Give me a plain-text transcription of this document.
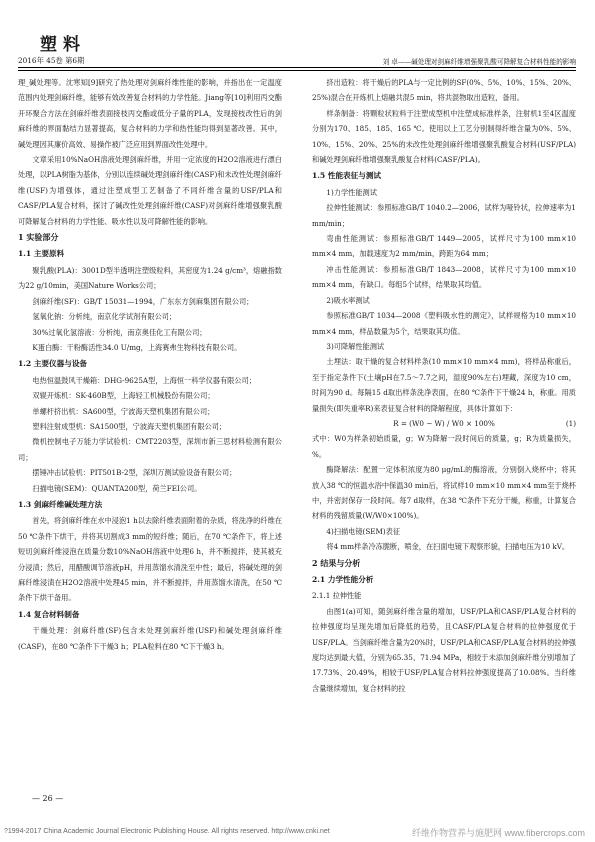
塑料
2016年 45卷 第6期	刘 卓——碱处理对剑麻纤维增强聚乳酸可降解复合材料性能的影响

理_碱处理等。沈寒知[9]研究了热处理对剑麻纤维性能的影响，并指出在一定温度范围内处理剑麻纤维，能够有效改善复合材料的力学性能。Jiang等[10]利用丙交酯开环聚合方法在剑麻纤维表面接枝丙交酯或低分子量的PLA，发现接枝改性后的剑麻纤维的界面黏结力显著提高，复合材料的力学和热性能均得到显著改善。其中，碱处理因其廉价高效、易操作被广泛应用到界面改性处理中。

文章采用10%NaOH溶液处理剑麻纤维，并用一定浓度的H2O2溶液进行漂白处理，以PLA树脂为基体，分别以连续碱处理剑麻纤维(CASF)和未改性处理剑麻纤维(USF)为增强体，通过注塑成型工艺制备了不同纤维含量的USF/PLA和CASF/PLA复合材料，探讨了碱改性处理剑麻纤维(CASF)对剑麻纤维增强聚乳酸可降解复合材料的力学性能、吸水性以及可降解性能的影响。

1 实验部分

1.1 主要原料

聚乳酸(PLA)：3001D型半透明注塑级粒料，其密度为1.24 g/cm³，熔融指数为22 g/10min，美国Nature Works公司；

剑麻纤维(SF)：GB/T 15031—1994，广东东方剑麻集团有限公司；

氢氧化钠：分析纯，南京化学试剂有限公司；

30%过氧化氢溶液：分析纯，南京奥佳化工有限公司；

K蛋白酶：干粉酶活性34.0 U/mg，上海赛弗生物科技有限公司。

1.2 主要仪器与设备

电热恒温鼓风干燥箱：DHG-9625A型，上海恒一科学仪器有限公司；

双辊开炼机：SK-460B型，上海轻工机械股份有限公司；

单螺杆挤出机：SA600型，宁波海天塑机集团有限公司；

塑料注射成型机：SA1500型，宁波海天塑机集团有限公司；

微机控制电子万能力学试验机：CMT2203型，深圳市新三思材料检测有限公司；

摆锤冲击试验机：PIT501B-2型，深圳万测试验设备有限公司；

扫描电镜(SEM)：QUANTA200型，荷兰FEI公司。

1.3 剑麻纤维碱处理方法

首先，将剑麻纤维在水中浸泡1 h以去除纤维表面附着的杂质，将洗净的纤维在50 ℃条件下烘干，并将其切割成3 mm的短纤维；随后，在70 ℃条件下，将上述短切剑麻纤维浸泡在质量分数10%NaOH溶液中处理6 h，并不断搅拌，使其被充分浸渍；然后，用醋酸调节溶液pH，并用蒸馏水清洗至中性；最后，将碱处理的剑麻纤维浸渍在H2O2溶液中处理45 min，并不断搅拌，并用蒸馏水清洗，在50 ℃条件下烘干备用。

1.4 复合材料制备

干燥处理：剑麻纤维(SF)包含未处理剑麻纤维(USF)和碱处理剑麻纤维(CASF)，在80 ℃条件下干燥3 h；PLA粒料在80 ℃下干燥3 h。

挤出造粒：将干燥后的PLA与一定比例的SF(0%、5%、10%、15%、20%、25%)混合在开炼机上熔融共混5 min，将共混物取出造粒，备用。

样条制备：将颗粒状粒料于注塑成型机中注塑成标准样条，注射机1至4区温度分别为170、185、185、165 ℃。使用以上工艺分别制得纤维含量为0%、5%、10%、15%、20%、25%的未改性处理剑麻纤维增强聚乳酸复合材料(USF/PLA)和碱处理剑麻纤维增强聚乳酸复合材料(CASF/PLA)。

1.5 性能表征与测试

1)力学性能测试

拉伸性能测试：参照标准GB/T 1040.2—2006，试样为哑铃状，拉伸速率为1 mm/min；

弯曲性能测试：参照标准GB/T 1449—2005，试样尺寸为100 mm×10 mm×4 mm，加载速度为2 mm/min，跨距为64 mm；

冲击性能测试：参照标准GB/T 1843—2008，试样尺寸为100 mm×10 mm×4 mm，有缺口。每组5个试样，结果取其均值。

2)吸水率测试

参照标准GB/T 1034—2008《塑料吸水性的测定》，试样规格为10 mm×10 mm×4 mm，样品数量为5个，结果取其均值。

3)可降解性能测试

土埋法：取干燥的复合材料样条(10 mm×10 mm×4 mm)，将样品称重后，至于指定条件下(土壤pH在7.5～7.7之间，湿度90%左右)埋藏，深度为10 cm，时间为90 d。每隔15 d取出样条洗净表面，在80 ℃条件下干燥24 h，称重。用质量损失(即失重率R)来表征复合材料的降解程度，具体计算如下：

R = (W0 − W) / W0 × 100%	(1)

式中：W0为样条初始质量，g；W为降解一段时间后的质量，g；R为质量损失，%。

酶降解法：配置一定体积浓度为80 μg/mL的酶溶液，分别倒入烧杯中；将其放入38 ℃的恒温水浴中保温30 min后，将试样10 mm×10 mm×4 mm至于烧杯中，并密封保存一段时间。每7 d取样，在38 ℃条件下充分干燥，称重，计算复合材料的残留质量(W/W0×100%)。

4)扫描电镜(SEM)表征

将4 mm样条冷冻脆断，喷金，在扫面电镜下观察形貌，扫描电压为10 kV。

2 结果与分析

2.1 力学性能分析

2.1.1 拉伸性能

由图1(a)可知，随剑麻纤维含量的增加，USF/PLA和CASF/PLA复合材料的拉伸强度均呈现先增加后降低的趋势，且CASF/PLA复合材料的拉伸强度优于USF/PLA。当剑麻纤维含量为20%时，USF/PLA和CASF/PLA复合材料的拉伸强度均达到最大值，分别为65.35、71.94 MPa，相较于未添加剑麻纤维分别增加了17.73%、20.49%，相较于USF/PLA复合材料拉伸强度提高了10.08%。当纤维含量继续增加，复合材料的拉

— 26 —
?1994-2017 China Academic Journal Electronic Publishing House. All rights reserved. http://www.cnki.net	纤维作物营养与施肥网 www.fibercrops.com
